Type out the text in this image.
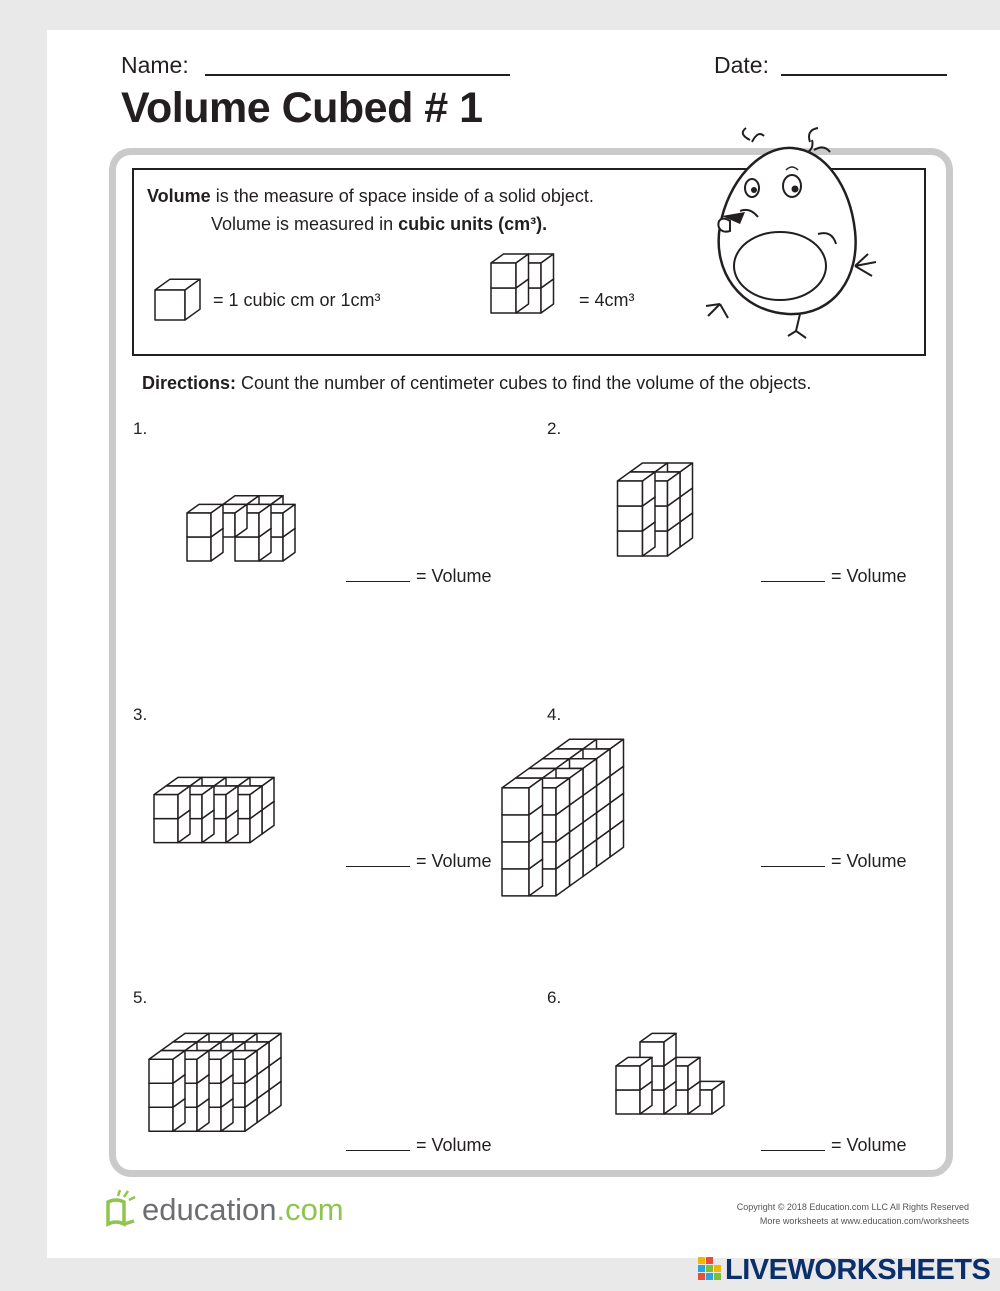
Name:	Date:
Volume Cubed # 1
Volume is the measure of space inside of a solid object.
Volume is measured in cubic units (cm³).
= 1 cubic cm or 1cm³	= 4cm³
Directions: Count the number of centimeter cubes to find the volume of the objects.
1.	2.
3.	4.
5.	6.
= Volume	= Volume
= Volume	= Volume
= Volume	= Volume
education .com	Copyright © 2018 Education.com LLC All Rights Reserved
More worksheets at www.education.com/worksheets
LIVEWORKSHEETS
